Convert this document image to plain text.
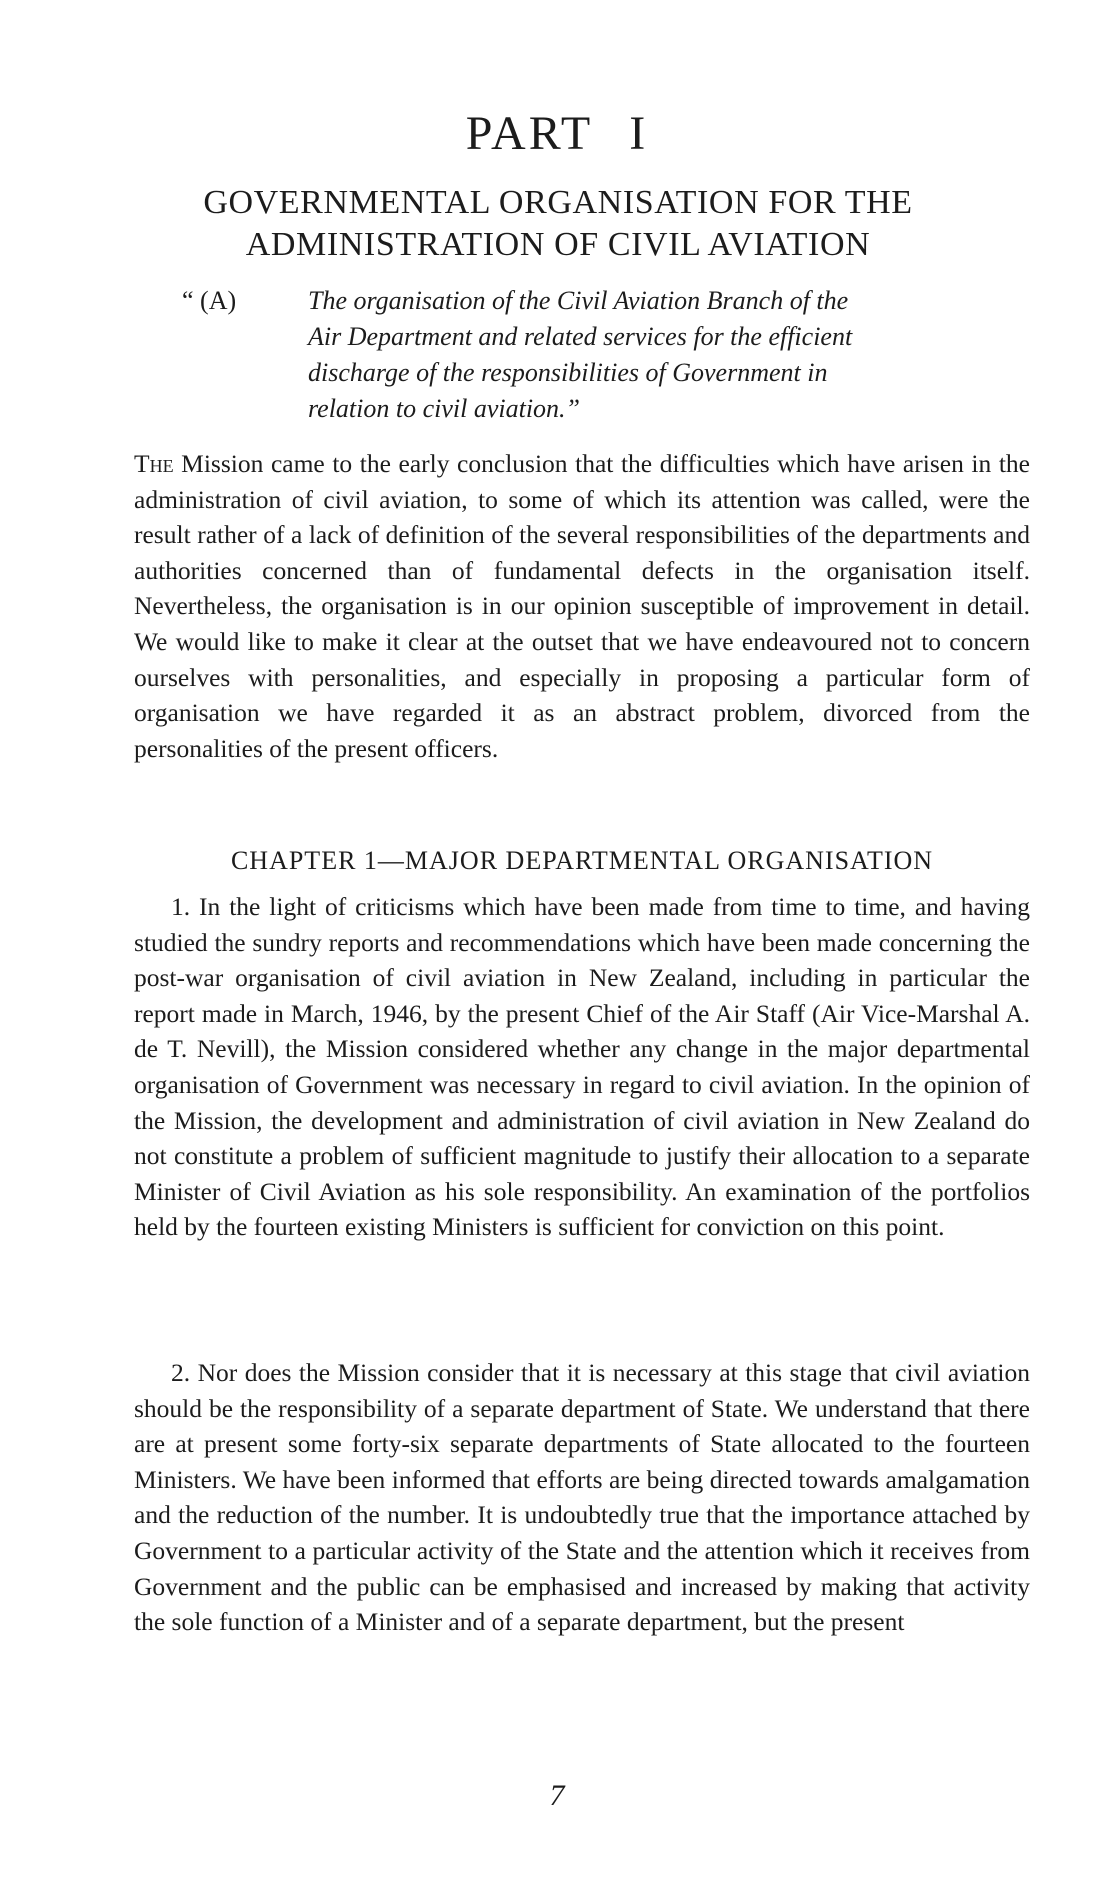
PART I
GOVERNMENTAL ORGANISATION FOR THE
ADMINISTRATION OF CIVIL AVIATION
“ (A)	The organisation of the Civil Aviation Branch of the
Air Department and related services for the efficient
discharge of the responsibilities of Government in
relation to civil aviation.”

The Mission came to the early conclusion that the difficulties which have arisen in the administration of civil aviation, to some of which its attention was called, were the result rather of a lack of definition of the several responsibilities of the departments and authorities concerned than of fundamental defects in the organisation itself. Nevertheless, the organisation is in our opinion susceptible of improvement in detail. We would like to make it clear at the outset that we have endeavoured not to concern ourselves with personalities, and especially in proposing a particular form of organisation we have regarded it as an abstract problem, divorced from the personalities of the present officers.

CHAPTER 1—MAJOR DEPARTMENTAL ORGANISATION

1. In the light of criticisms which have been made from time to time, and having studied the sundry reports and recommendations which have been made concerning the post-war organisation of civil aviation in New Zealand, including in particular the report made in March, 1946, by the present Chief of the Air Staff (Air Vice-Marshal A. de T. Nevill), the Mission considered whether any change in the major departmental organisation of Government was necessary in regard to civil aviation. In the opinion of the Mission, the development and administration of civil aviation in New Zealand do not constitute a problem of sufficient magnitude to justify their allocation to a separate Minister of Civil Aviation as his sole responsibility. An examination of the portfolios held by the fourteen existing Ministers is sufficient for conviction on this point.

2. Nor does the Mission consider that it is necessary at this stage that civil aviation should be the responsibility of a separate department of State. We understand that there are at present some forty-six separate departments of State allocated to the fourteen Ministers. We have been informed that efforts are being directed towards amalgamation and the reduction of the number. It is undoubtedly true that the importance attached by Government to a particular activity of the State and the attention which it receives from Government and the public can be emphasised and increased by making that activity the sole function of a Minister and of a separate department, but the present

7
